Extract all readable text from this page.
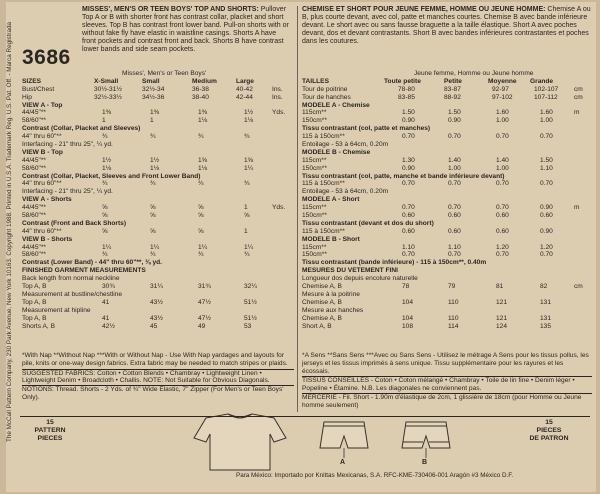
The McCall Pattern Company, 230 Park Avenue, New York 10163. Copyright 1988. Printed in U.S.A. Trademark Reg. U.S. Pat. Off. - Marca Registrada 3686
MISSES', MEN'S OR TEEN BOYS' TOP AND SHORTS: Pullover Top A or B with shorter front has contrast collar, placket and short sleeves. Top B has contrast front lower band. Pull-on shorts with or without fake fly have elastic in waistline casings. Shorts A have front pockets and contrast front and back. Shorts B have contrast lower bands and side seam pockets.
CHEMISE ET SHORT POUR JEUNE FEMME, HOMME OU JEUNE HOMME: Chemise A ou B, plus courte devant, avec col, patte et manches courtes. Chemise B avec bande inférieure devant. Le short avec ou sans fausse braguette a la taille élastique. Short A avec poches devant, dos et devant contrastants. Short B avec bandes inférieures contrastantes et poches dans les coutures.
Misses', Men's or Teen Boys'
SIZES	X-Small	Small	Medium	Large
Bust/Chest	30½-31½	32½-34	36-38	40-42	Ins.
Hip	32½-33½	34½-36	38-40	42-44	Ins.
VIEW A - Top
44/45"**	1⅜	1⅜	1⅜	1½	Yds.
58/60"**	1	1	1⅛	1⅛
Contrast (Collar, Placket and Sleeves)
44" thru 60"**	¾	¾	¾	¾
Interfacing - 21" thru 25", ¼ yd.
VIEW B - Top
44/45"**	1½	1½	1⅝	1⅝
58/60"**	1⅛	1⅛	1⅛	1¼
Contrast (Collar, Placket, Sleeves and Front Lower Band)
44" thru 60"**	¾	¾	¾	¾
Interfacing - 21" thru 25", ¼ yd.
VIEW A - Shorts
44/45"**	⅝	⅝	⅝	1	Yds.
58/60"**	⅝	⅝	⅝	⅝
Contrast (Front and Back Shorts)
44" thru 60"**	⅝	⅝	⅝	1
VIEW B - Shorts
44/45"**	1¼	1¼	1¼	1¼
58/60"**	¾	¾	¾	¾
Contrast (Lower Band) - 44" thru 60"**, ⅜ yd.
FINISHED GARMENT MEASUREMENTS
Back length from normal neckline
Top A, B	30¾	31¼	31¾	32¼
Measurement at bustline/chestline
Top A, B	41	43½	47½	51½
Measurement at hipline
Top A, B	41	43½	47½	51½
Shorts A, B	42½	45	49	53
Jeune femme, Homme ou Jeune homme
TAILLES	Toute petite	Petite	Moyenne Grande
Tour de poitrine	78-80	83-87	92-97	102-107 cm
Tour de hanches	83-85	88-92	97-102	107-112 cm
MODELE A - Chemise
115cm**	1.50	1.50	1.60	1.60	m
150cm**	0.90	0.90	1.00	1.00
Tissu contrastant (col, patte et manches)
115 à 150cm**	0.70	0.70	0.70	0.70
Entoilage - 53 à 64cm, 0.20m
MODELE B - Chemise
115cm**	1.30	1.40	1.40	1.50
150cm**	0.90	1.00	1.00	1.10
Tissu contrastant (col, patte, manche et bande inférieure devant)
115 à 150cm**	0.70	0.70	0.70	0.70
Entoilage - 53 à 64cm, 0.20m
MODELE A - Short
115cm**	0.70	0.70	0.70	0.90	m
150cm**	0.60	0.60	0.60	0.60
Tissu contrastant (devant et dos du short)
115 à 150cm**	0.60	0.60	0.60	0.90
MODELE B - Short
115cm**	1.10	1.10	1.20	1.20
150cm**	0.70	0.70	0.70	0.70
Tissu contrastant (bande inférieure) - 115 à 150cm**, 0.40m
MESURES DU VETEMENT FINI
Longueur dos depuis encolure naturelle
Chemise A, B	78	79	81	82	cm
Mesure à la poitrine
Chemise A, B	104	110	121	131
Mesure aux hanches
Chemise A, B	104	110	121	131
Short A, B	108	114	124	135
*With Nap **Without Nap ***With or Without Nap - Use With Nap yardages and layouts for pile, knits or one-way design fabrics. Extra fabric may be needed to match stripes or plaids.
SUGGESTED FABRICS: Cotton • Cotton Blends • Chambray • Lightweight Linen • Lightweight Denim • Broadcloth • Challis. NOTE: Not Suitable for Obvious Diagonals.
NOTIONS: Thread. Shorts - 2 Yds. of ¾" Wide Elastic, 7" Zipper (For Men's or Teen Boys' Only).
*A Sens **Sans Sens ***Avec ou Sans Sens - Utilisez le métrage A Sens pour les tissus pollus, les jerseys et les tissus imprimés à sens unique. Tissu supplémentaire pour les rayures et les écossais.
TISSUS CONSEILLES - Coton • Coton mélangé • Chambray • Toile de lin fine • Denim léger • Popeline • Étamine. N.B. Les diagonales ne conviennent pas.
MERCERIE - Fil. Short - 1.90m d'élastique de 2cm, 1 glissière de 18cm (pour Homme ou Jeune homme seulement)
15
PATTERN
PIECES
15
PIECES
DE PATRON
A	B
Para México: Importado por Knittas Mexicanas, S.A. RFC-KME-730406-001 Aragón #3 México D.F.
